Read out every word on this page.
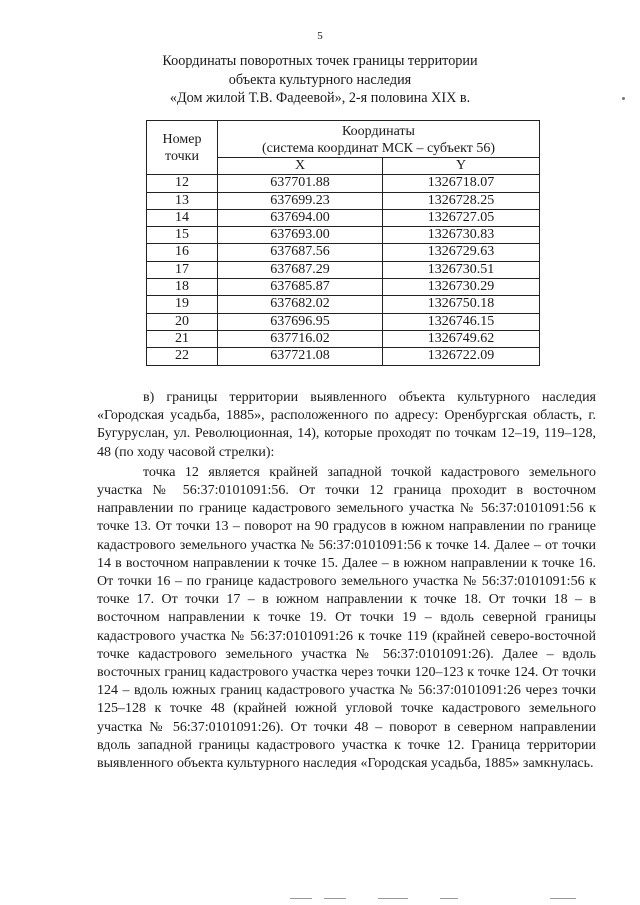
5
Координаты поворотных точек границы территории
объекта культурного наследия
«Дом жилой Т.В. Фадеевой», 2-я половина XIX в.
Номер
точки	Координаты
(система координат МСК – субъект 56)	
	X	Y
12	637701.88	1326718.07
13	637699.23	1326728.25
14	637694.00	1326727.05
15	637693.00	1326730.83
16	637687.56	1326729.63
17	637687.29	1326730.51
18	637685.87	1326730.29
19	637682.02	1326750.18
20	637696.95	1326746.15
21	637716.02	1326749.62
22	637721.08	1326722.09

в) границы территории выявленного объекта культурного наследия «Городская усадьба, 1885», расположенного по адресу: Оренбургская область, г. Бугуруслан, ул. Революционная, 14), которые проходят по точкам 12–19, 119–128, 48 (по ходу часовой стрелки):

точка 12 является крайней западной точкой кадастрового земельного участка № 56:37:0101091:56. От точки 12 граница проходит в восточном направлении по границе кадастрового земельного участка № 56:37:0101091:56 к точке 13. От точки 13 – поворот на 90 градусов в южном направлении по границе кадастрового земельного участка № 56:37:0101091:56 к точке 14. Далее – от точки 14 в восточном направлении к точке 15. Далее – в южном направлении к точке 16. От точки 16 – по границе кадастрового земельного участка № 56:37:0101091:56 к точке 17. От точки 17 – в южном направлении к точке 18. От точки 18 – в восточном направлении к точке 19. От точки 19 – вдоль северной границы кадастрового участка № 56:37:0101091:26 к точке 119 (крайней северо-восточной точке кадастрового земельного участка № 56:37:0101091:26). Далее – вдоль восточных границ кадастрового участка через точки 120–123 к точке 124. От точки 124 – вдоль южных границ кадастрового участка № 56:37:0101091:26 через точки 125–128 к точке 48 (крайней южной угловой точке кадастрового земельного участка № 56:37:0101091:26). От точки 48 – поворот в северном направлении вдоль западной границы кадастрового участка к точке 12. Граница территории выявленного объекта культурного наследия «Городская усадьба, 1885» замкнулась.
